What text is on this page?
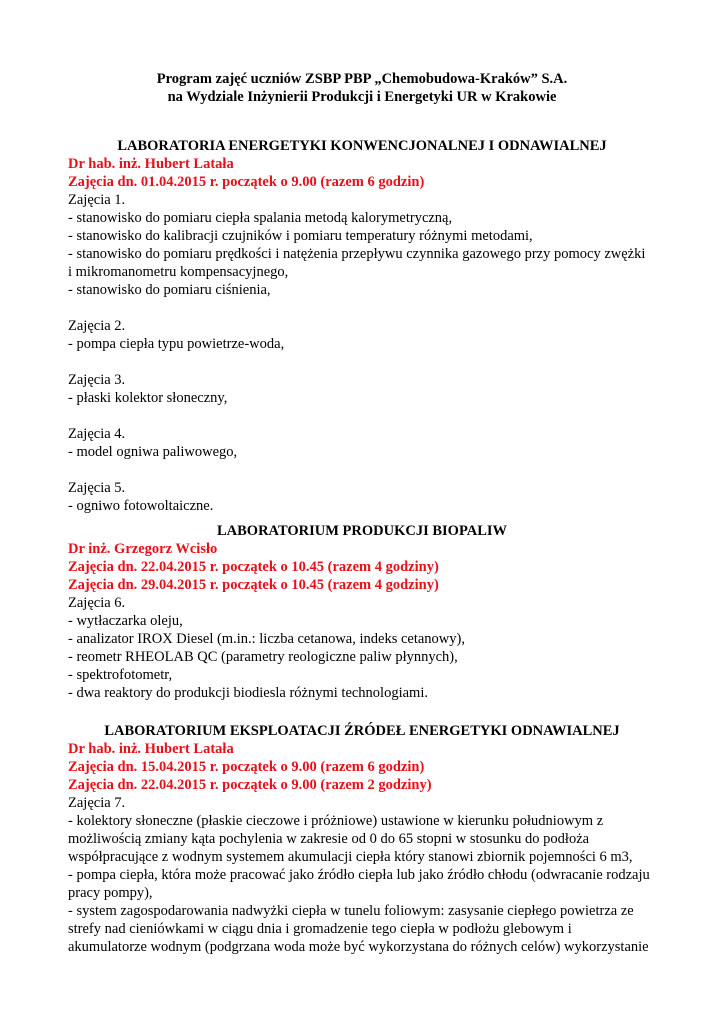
Program zajęć uczniów ZSBP PBP „Chemobudowa-Kraków” S.A.
na Wydziale Inżynierii Produkcji i Energetyki UR w Krakowie
LABORATORIA ENERGETYKI KONWENCJONALNEJ I ODNAWIALNEJ
Dr hab. inż. Hubert Latała
Zajęcia dn. 01.04.2015 r. początek o 9.00 (razem 6 godzin)
Zajęcia 1.
- stanowisko do pomiaru ciepła spalania metodą kalorymetryczną,
- stanowisko do kalibracji czujników i pomiaru temperatury różnymi metodami,
- stanowisko do pomiaru prędkości i natężenia przepływu czynnika gazowego przy pomocy zwężki
i mikromanometru kompensacyjnego,
- stanowisko do pomiaru ciśnienia,
Zajęcia 2.
- pompa ciepła typu powietrze-woda,
Zajęcia 3.
- płaski kolektor słoneczny,
Zajęcia 4.
- model ogniwa paliwowego,
Zajęcia 5.
- ogniwo fotowoltaiczne.
LABORATORIUM PRODUKCJI BIOPALIW
Dr inż. Grzegorz Wcisło
Zajęcia dn. 22.04.2015 r. początek o 10.45 (razem 4 godziny)
Zajęcia dn. 29.04.2015 r. początek o 10.45 (razem 4 godziny)
Zajęcia 6.
- wytłaczarka oleju,
- analizator IROX Diesel (m.in.: liczba cetanowa, indeks cetanowy),
- reometr RHEOLAB QC (parametry reologiczne paliw płynnych),
- spektrofotometr,
- dwa reaktory do produkcji biodiesla różnymi technologiami.
LABORATORIUM EKSPLOATACJI ŹRÓDEŁ ENERGETYKI ODNAWIALNEJ
Dr hab. inż. Hubert Latała
Zajęcia dn. 15.04.2015 r. początek o 9.00 (razem 6 godzin)
Zajęcia dn. 22.04.2015 r. początek o 9.00 (razem 2 godziny)
Zajęcia 7.
- kolektory słoneczne (płaskie cieczowe i próżniowe) ustawione w kierunku południowym z
możliwością zmiany kąta pochylenia w zakresie od 0 do 65 stopni w stosunku do podłoża
współpracujące z wodnym systemem akumulacji ciepła który stanowi zbiornik pojemności 6 m3,
- pompa ciepła, która może pracować jako źródło ciepła lub jako źródło chłodu (odwracanie rodzaju
pracy pompy),
- system zagospodarowania nadwyżki ciepła w tunelu foliowym: zasysanie ciepłego powietrza ze
strefy nad cieniówkami w ciągu dnia i gromadzenie tego ciepła w podłożu glebowym i
akumulatorze wodnym (podgrzana woda może być wykorzystana do różnych celów) wykorzystanie
